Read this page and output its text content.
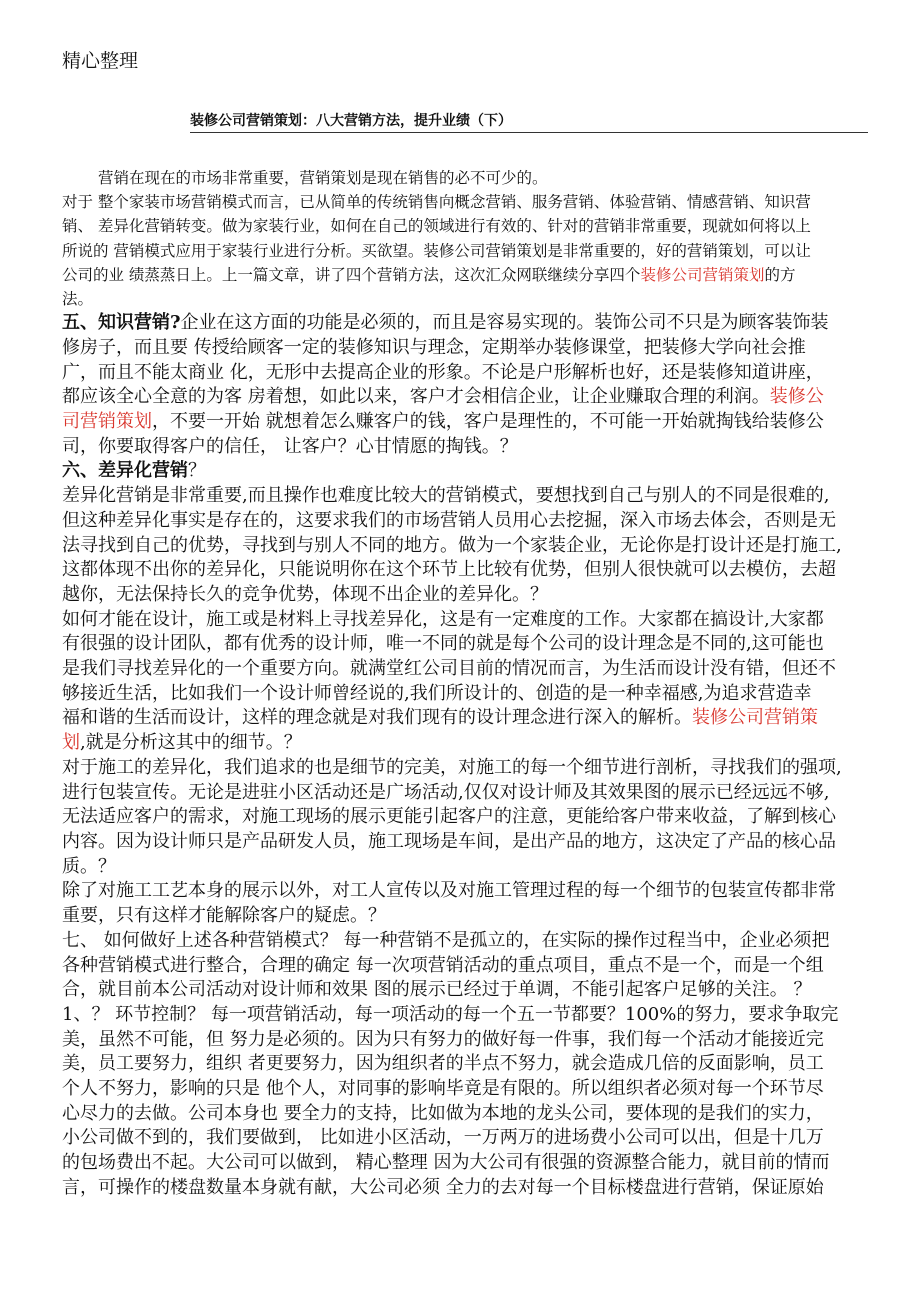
精心整理
装修公司营销策划：八大营销方法，提升业绩（下）

营销在现在的市场非常重要，营销策划是现在销售的必不可少的。

对于 整个家装市场营销模式而言，已从简单的传统销售向概念营销、服务营销、体验营销、情感营销、知识营

销、 差异化营销转变。做为家装行业，如何在自己的领域进行有效的、针对的营销非常重要，现就如何将以上

所说的 营销模式应用于家装行业进行分析。买欲望。装修公司营销策划是非常重要的，好的营销策划，可以让

公司的业 绩蒸蒸日上。上一篇文章，讲了四个营销方法，这次汇众网联继续分享四个装修公司营销策划的方

法。

五、知识营销?企业在这方面的功能是必须的，而且是容易实现的。装饰公司不只是为顾客装饰装

修房子，而且要 传授给顾客一定的装修知识与理念，定期举办装修课堂，把装修大学向社会推

广，而且不能太商业 化，无形中去提高企业的形象。不论是户形解析也好，还是装修知道讲座，

都应该全心全意的为客 房着想，如此以来，客户才会相信企业，让企业赚取合理的利润。装修公

司营销策划，不要一开始 就想着怎么赚客户的钱，客户是理性的，不可能一开始就掏钱给装修公

司，你要取得客户的信任， 让客户？心甘情愿的掏钱。？

六、差异化营销？

差异化营销是非常重要,而且操作也难度比较大的营销模式，要想找到自己与别人的不同是很难的,

但这种差异化事实是存在的，这要求我们的市场营销人员用心去挖掘，深入市场去体会，否则是无

法寻找到自己的优势，寻找到与别人不同的地方。做为一个家装企业，无论你是打设计还是打施工,

这都体现不出你的差异化，只能说明你在这个环节上比较有优势，但别人很快就可以去模仿，去超

越你，无法保持长久的竞争优势，体现不出企业的差异化。？

如何才能在设计，施工或是材料上寻找差异化，这是有一定难度的工作。大家都在搞设计,大家都

有很强的设计团队，都有优秀的设计师，唯一不同的就是每个公司的设计理念是不同的,这可能也

是我们寻找差异化的一个重要方向。就满堂红公司目前的情况而言，为生活而设计没有错，但还不

够接近生活，比如我们一个设计师曾经说的,我们所设计的、创造的是一种幸福感,为追求营造幸

福和谐的生活而设计，这样的理念就是对我们现有的设计理念进行深入的解析。装修公司营销策

划,就是分析这其中的细节。？

对于施工的差异化，我们追求的也是细节的完美，对施工的每一个细节进行剖析，寻找我们的强项,

进行包装宣传。无论是进驻小区活动还是广场活动,仅仅对设计师及其效果图的展示已经远远不够,

无法适应客户的需求，对施工现场的展示更能引起客户的注意，更能给客户带来收益，了解到核心

内容。因为设计师只是产品研发人员，施工现场是车间，是出产品的地方，这决定了产品的核心品

质。？

除了对施工工艺本身的展示以外，对工人宣传以及对施工管理过程的每一个细节的包装宣传都非常

重要，只有这样才能解除客户的疑虑。？

七、 如何做好上述各种营销模式？ 每一种营销不是孤立的，在实际的操作过程当中，企业必须把

各种营销模式进行整合，合理的确定 每一次项营销活动的重点项目，重点不是一个，而是一个组

合，就目前本公司活动对设计师和效果 图的展示已经过于单调，不能引起客户足够的关注。 ？

1、？ 环节控制？ 每一项营销活动，每一项活动的每一个五一节都要？100%的努力，要求争取完

美，虽然不可能，但 努力是必须的。因为只有努力的做好每一件事，我们每一个活动才能接近完

美，员工要努力，组织 者更要努力，因为组织者的半点不努力，就会造成几倍的反面影响，员工

个人不努力，影响的只是 他个人，对同事的影响毕竟是有限的。所以组织者必须对每一个环节尽

心尽力的去做。公司本身也 要全力的支持，比如做为本地的龙头公司，要体现的是我们的实力，

小公司做不到的，我们要做到， 比如进小区活动，一万两万的进场费小公司可以出，但是十几万

的包场费出不起。大公司可以做到， 精心整理 因为大公司有很强的资源整合能力，就目前的情而

言，可操作的楼盘数量本身就有献，大公司必须 全力的去对每一个目标楼盘进行营销，保证原始
